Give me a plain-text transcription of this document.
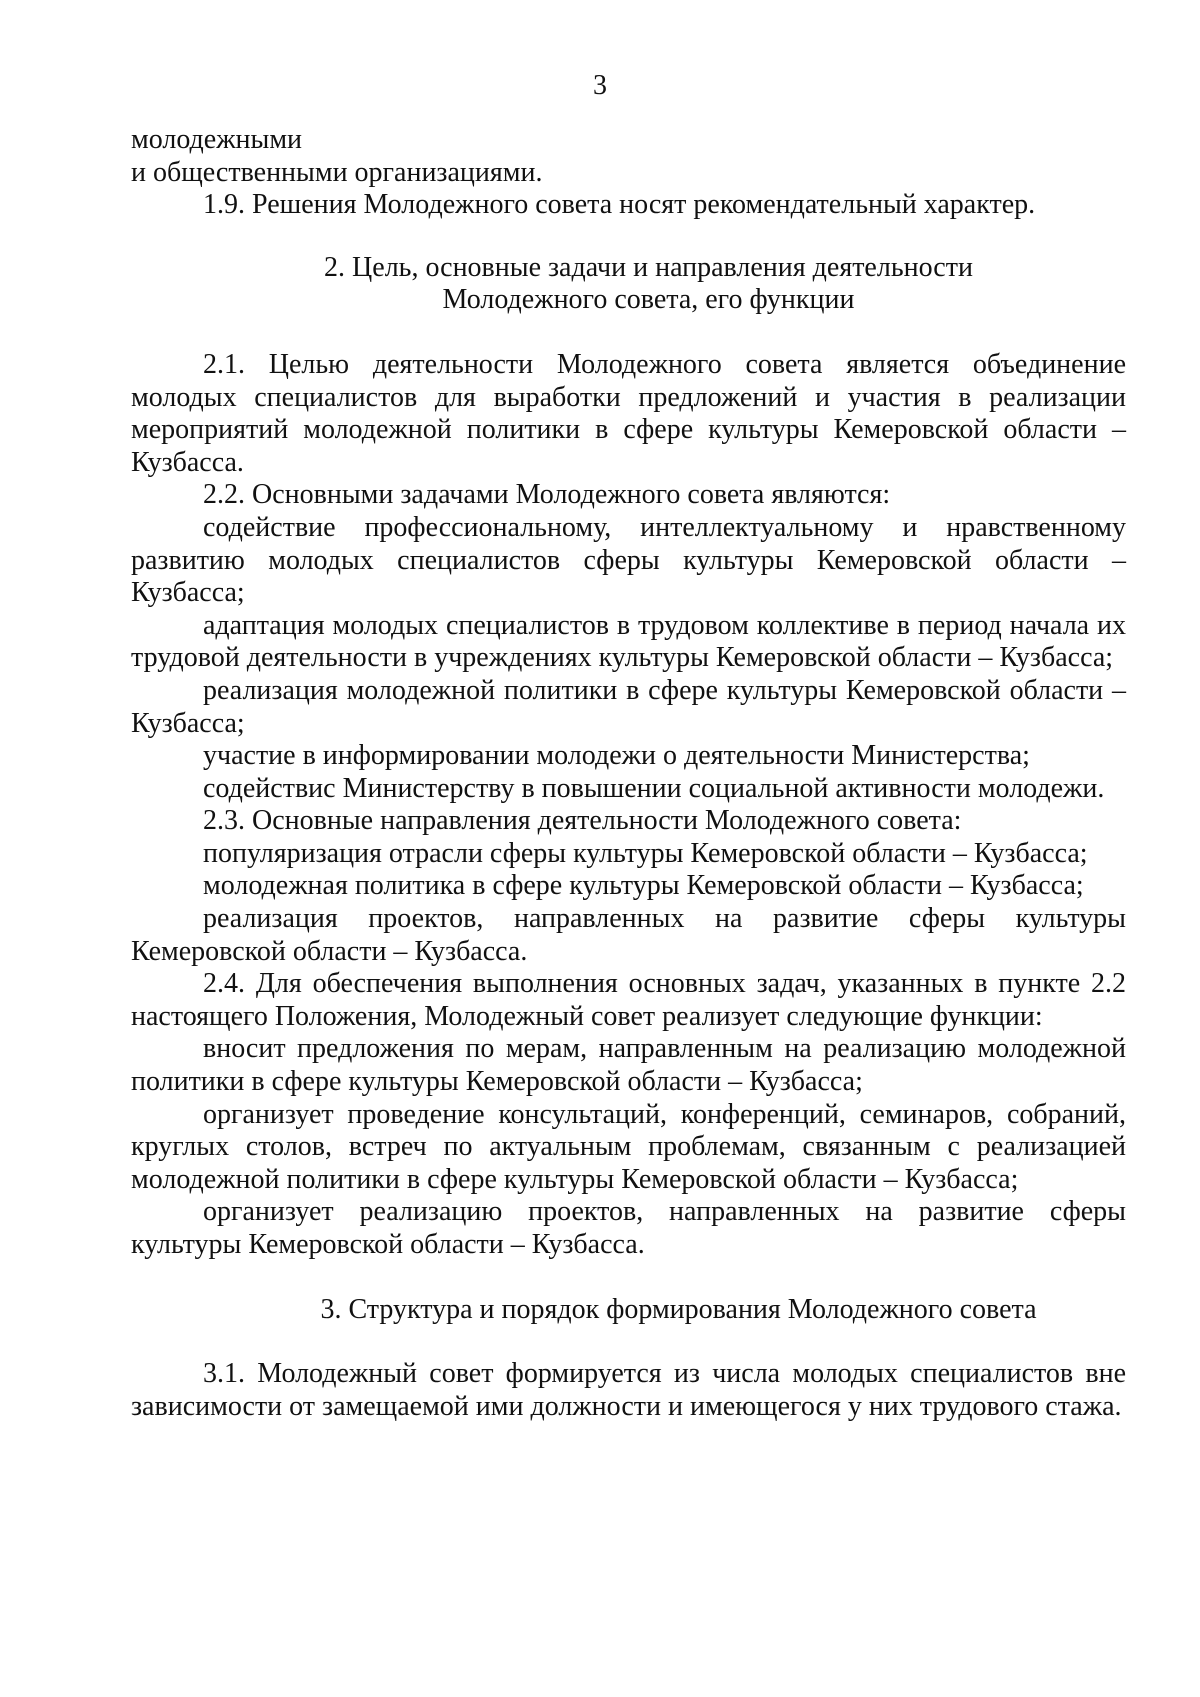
3

молодежными
и общественными организациями.

1.9. Решения Молодежного совета носят рекомендательный характер.

2. Цель, основные задачи и направления деятельности
Молодежного совета, его функции

2.1. Целью деятельности Молодежного совета является объединение молодых специалистов для выработки предложений и участия в реализации мероприятий молодежной политики в сфере культуры Кемеровской области – Кузбасса.

2.2. Основными задачами Молодежного совета являются:

содействие профессиональному, интеллектуальному и нравственному развитию молодых специалистов сферы культуры Кемеровской области – Кузбасса;

адаптация молодых специалистов в трудовом коллективе в период начала их трудовой деятельности в учреждениях культуры Кемеровской области – Кузбасса;

реализация молодежной политики в сфере культуры Кемеровской области – Кузбасса;

участие в информировании молодежи о деятельности Министерства;

содействис Министерству в повышении социальной активности молодежи.

2.3. Основные направления деятельности Молодежного совета:

популяризация отрасли сферы культуры Кемеровской области – Кузбасса;

молодежная политика в сфере культуры Кемеровской области – Кузбасса;

реализация проектов, направленных на развитие сферы культуры Кемеровской области – Кузбасса.

2.4. Для обеспечения выполнения основных задач, указанных в пункте 2.2 настоящего Положения, Молодежный совет реализует следующие функции:

вносит предложения по мерам, направленным на реализацию молодежной политики в сфере культуры Кемеровской области – Кузбасса;

организует проведение консультаций, конференций, семинаров, собраний, круглых столов, встреч по актуальным проблемам, связанным с реализацией молодежной политики в сфере культуры Кемеровской области – Кузбасса;

организует реализацию проектов, направленных на развитие сферы культуры Кемеровской области – Кузбасса.

3. Структура и порядок формирования Молодежного совета

3.1. Молодежный совет формируется из числа молодых специалистов вне зависимости от замещаемой ими должности и имеющегося у них трудового стажа.
